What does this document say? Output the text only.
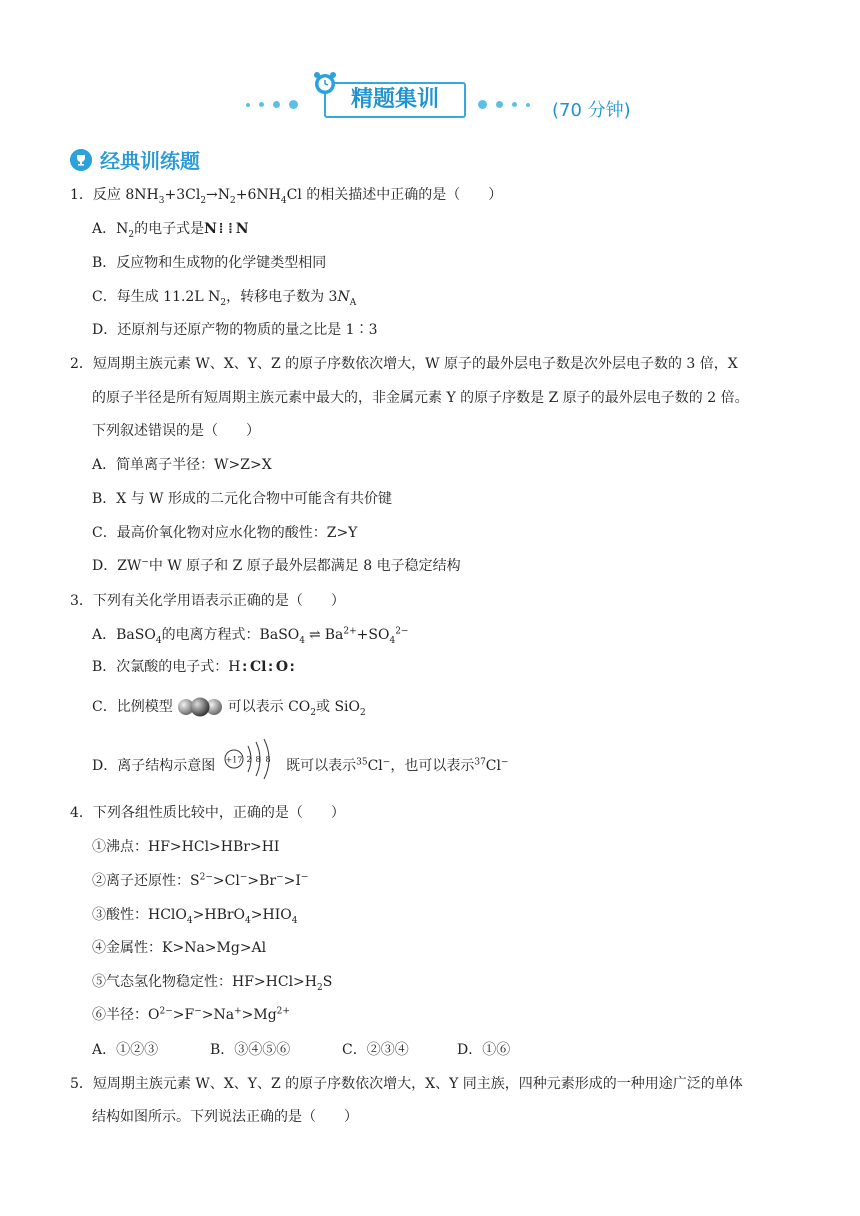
精题集训	(70 分钟)
经典训练题
1．反应 $8NH_3+3Cl_2\to N_2+6NH_4Cl$ 的相关描述中正确的是（ ）
A．$N_2$的电子式是N⁞⁞N
B．反应物和生成物的化学键类型相同
C．每生成 11.2L $N_2$，转移电子数为 $3N_A$
D．还原剂与还原产物的物质的量之比是 1∶3
2．短周期主族元素 W、X、Y、Z 的原子序数依次增大，W 原子的最外层电子数是次外层电子数的 3 倍，X
的原子半径是所有短周期主族元素中最大的，非金属元素 Y 的原子序数是 Z 原子的最外层电子数的 2 倍。
下列叙述错误的是（ ）
A．简单离子半径：W>Z>X
B．X 与 W 形成的二元化合物中可能含有共价键
C．最高价氧化物对应水化物的酸性：Z>Y
D．ZW−中 W 原子和 Z 原子最外层都满足 8 电子稳定结构
3．下列有关化学用语表示正确的是（ ）
A．BaSO$_4$的电离方程式：BaSO$_4$ ⇌ $Ba^{2+}+SO_4^{2-}$
B．次氯酸的电子式：H:Cl:O:
C．比例模型	可以表示 $CO_2$或 SiO$_2$
D．离子结构示意图 +17 2 8 8 既可以表示$^{35}$Cl−，也可以表示$^{37}$Cl−
4．下列各组性质比较中，正确的是（ ）
①沸点：HF>HCl>HBr>HI
②离子还原性：$S^{2-}>Cl^->Br^->I^-$
③酸性：$HClO_4>HBrO_4>HIO_4$
④金属性：K>Na>Mg>Al
⑤气态氢化物稳定性：$HF>HCl>H_2S$
⑥半径：$O^{2-}>F^->Na^+>Mg^{2+}$
A．①②③	B．③④⑤⑥	C．②③④	D．①⑥
5．短周期主族元素 W、X、Y、Z 的原子序数依次增大，X、Y 同主族，四种元素形成的一种用途广泛的单体
结构如图所示。下列说法正确的是（ ）
